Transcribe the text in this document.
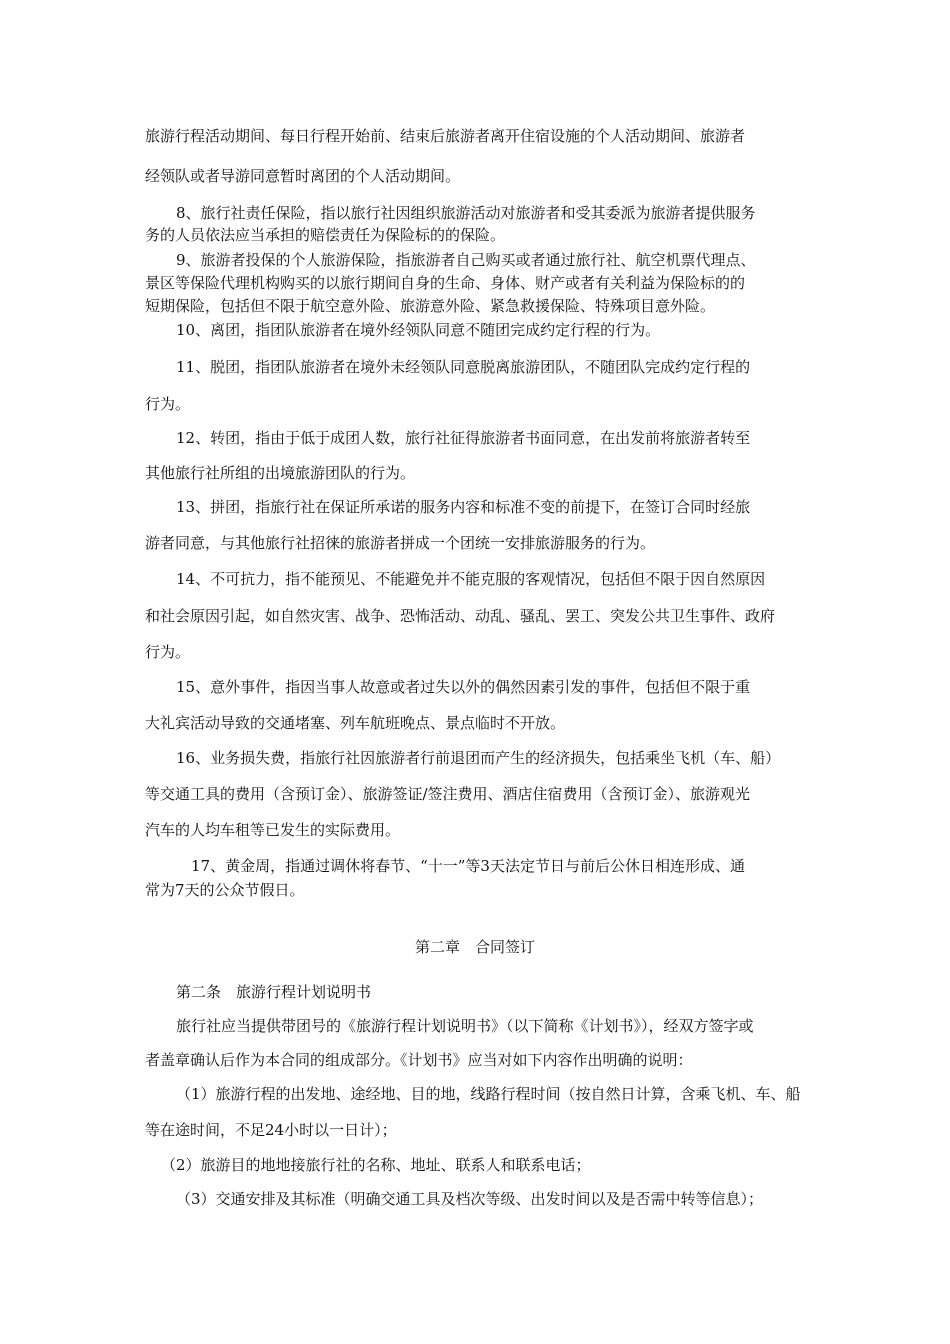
旅游行程活动期间、每日行程开始前、结束后旅游者离开住宿设施的个人活动期间、旅游者
经领队或者导游同意暂时离团的个人活动期间。
8、旅行社责任保险，指以旅行社因组织旅游活动对旅游者和受其委派为旅游者提供服务
务的人员依法应当承担的赔偿责任为保险标的的保险。
9、旅游者投保的个人旅游保险，指旅游者自己购买或者通过旅行社、航空机票代理点、
景区等保险代理机构购买的以旅行期间自身的生命、身体、财产或者有关利益为保险标的的
短期保险，包括但不限于航空意外险、旅游意外险、紧急救援保险、特殊项目意外险。
10、离团，指团队旅游者在境外经领队同意不随团完成约定行程的行为。
11、脱团，指团队旅游者在境外未经领队同意脱离旅游团队，不随团队完成约定行程的
行为。
12、转团，指由于低于成团人数，旅行社征得旅游者书面同意，在出发前将旅游者转至
其他旅行社所组的出境旅游团队的行为。
13、拼团，指旅行社在保证所承诺的服务内容和标准不变的前提下，在签订合同时经旅
游者同意，与其他旅行社招徕的旅游者拼成一个团统一安排旅游服务的行为。
14、不可抗力，指不能预见、不能避免并不能克服的客观情况，包括但不限于因自然原因
和社会原因引起，如自然灾害、战争、恐怖活动、动乱、骚乱、罢工、突发公共卫生事件、政府
行为。
15、意外事件，指因当事人故意或者过失以外的偶然因素引发的事件，包括但不限于重
大礼宾活动导致的交通堵塞、列车航班晚点、景点临时不开放。
16、业务损失费，指旅行社因旅游者行前退团而产生的经济损失，包括乘坐飞机（车、船）
等交通工具的费用（含预订金）、旅游签证/签注费用、酒店住宿费用（含预订金）、旅游观光
汽车的人均车租等已发生的实际费用。
17、黄金周，指通过调休将春节、“十一”等3天法定节日与前后公休日相连形成、通
常为7天的公众节假日。
第二章　合同签订
第二条　旅游行程计划说明书
旅行社应当提供带团号的《旅游行程计划说明书》（以下简称《计划书》），经双方签字或
者盖章确认后作为本合同的组成部分。《计划书》应当对如下内容作出明确的说明：
（1）旅游行程的出发地、途经地、目的地，线路行程时间（按自然日计算，含乘飞机、车、船
等在途时间，不足24小时以一日计）；
（2）旅游目的地地接旅行社的名称、地址、联系人和联系电话；
（3）交通安排及其标准（明确交通工具及档次等级、出发时间以及是否需中转等信息）；
